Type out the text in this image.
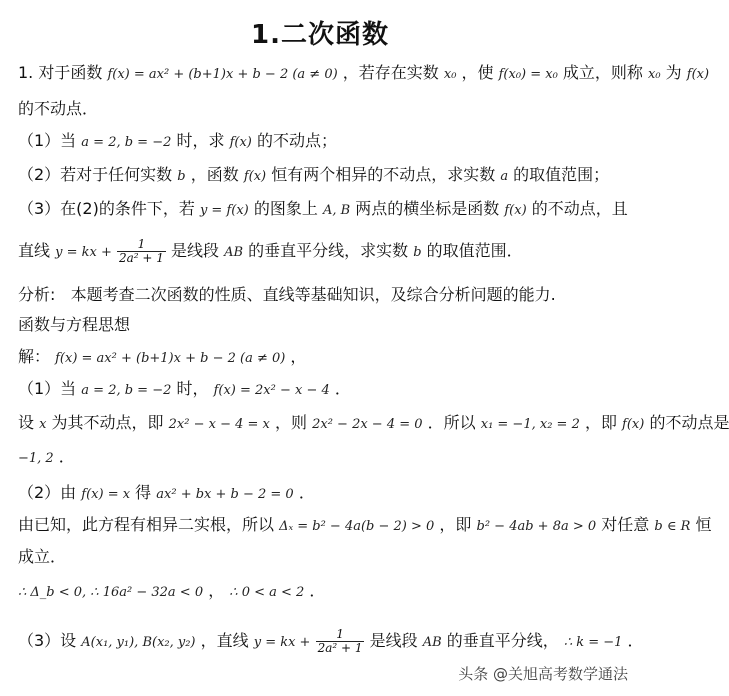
1.二次函数
1. 对于函数 f(x) = ax² + (b+1)x + b − 2 (a ≠ 0) ，若存在实数 x₀ ，使 f(x₀) = x₀ 成立，则称 x₀ 为 f(x)
的不动点．
（1）当 a = 2, b = −2 时，求 f(x) 的不动点；
（2）若对于任何实数 b ，函数 f(x) 恒有两个相异的不动点，求实数 a 的取值范围；
（3）在(2)的条件下，若 y = f(x) 的图象上 A, B 两点的横坐标是函数 f(x) 的不动点，且
直线 y = kx + $\frac{1}{\text{2a² + 1}}$ 是线段 AB 的垂直平分线，求实数 b 的取值范围．
分析: 本题考查二次函数的性质、直线等基础知识，及综合分析问题的能力.
函数与方程思想
解： f(x) = ax² + (b+1)x + b − 2 (a ≠ 0) ，
（1）当 a = 2, b = −2 时， f(x) = 2x² − x − 4 ．
设 x 为其不动点，即 2x² − x − 4 = x ，则 2x² − 2x − 4 = 0 ．所以 x₁ = −1, x₂ = 2 ，即 f(x) 的不动点是
−1, 2 ．
（2）由 f(x) = x 得 ax² + bx + b − 2 = 0 ．
由已知，此方程有相异二实根，所以 Δₓ = b² − 4a(b − 2) > 0 ，即 b² − 4ab + 8a > 0 对任意 b ∈ R 恒
成立．
∴ Δ_b < 0, ∴ 16a² − 32a < 0 ， ∴ 0 < a < 2 ．
（3）设 A(x₁, y₁), B(x₂, y₂) ，直线 y = kx + $\frac{1}{\text{2a² + 1}}$ 是线段 AB 的垂直平分线， ∴ k = −1 ．
头条 @关旭高考数学通法
